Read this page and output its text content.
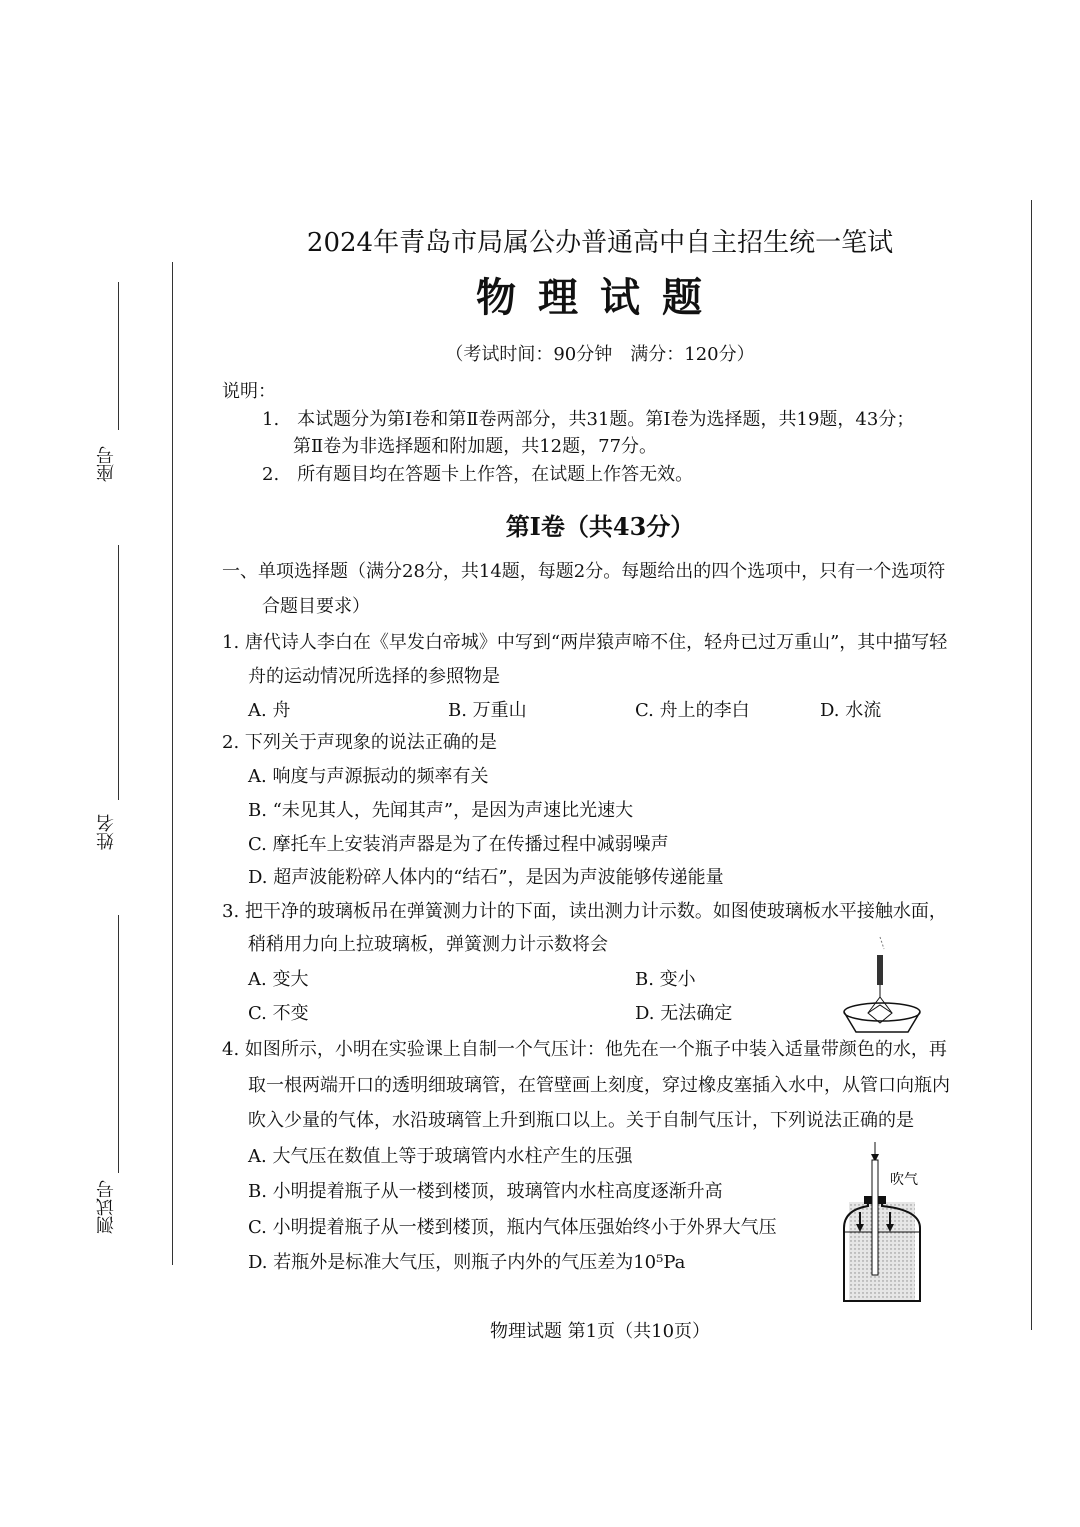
座号
姓名
测试号
2024年青岛市局属公办普通高中自主招生统一笔试
物理试题
（考试时间：90分钟　满分：120分）
说明：
1.　本试题分为第Ⅰ卷和第Ⅱ卷两部分，共31题。第Ⅰ卷为选择题，共19题，43分；
第Ⅱ卷为非选择题和附加题，共12题，77分。
2.　所有题目均在答题卡上作答，在试题上作答无效。
第Ⅰ卷（共43分）
一、单项选择题（满分28分，共14题，每题2分。每题给出的四个选项中，只有一个选项符
合题目要求）
1. 唐代诗人李白在《早发白帝城》中写到“两岸猿声啼不住，轻舟已过万重山”，其中描写轻
舟的运动情况所选择的参照物是
A. 舟	B. 万重山	C. 舟上的李白	D. 水流
2. 下列关于声现象的说法正确的是
A. 响度与声源振动的频率有关
B. “未见其人，先闻其声”，是因为声速比光速大
C. 摩托车上安装消声器是为了在传播过程中减弱噪声
D. 超声波能粉碎人体内的“结石”，是因为声波能够传递能量
3. 把干净的玻璃板吊在弹簧测力计的下面，读出测力计示数。如图使玻璃板水平接触水面，
稍稍用力向上拉玻璃板，弹簧测力计示数将会
A. 变大	B. 变小
C. 不变	D. 无法确定
4. 如图所示，小明在实验课上自制一个气压计：他先在一个瓶子中装入适量带颜色的水，再
取一根两端开口的透明细玻璃管，在管壁画上刻度，穿过橡皮塞插入水中，从管口向瓶内
吹入少量的气体，水沿玻璃管上升到瓶口以上。关于自制气压计，下列说法正确的是
A. 大气压在数值上等于玻璃管内水柱产生的压强
B. 小明提着瓶子从一楼到楼顶，玻璃管内水柱高度逐渐升高
C. 小明提着瓶子从一楼到楼顶，瓶内气体压强始终小于外界大气压
D. 若瓶外是标准大气压，则瓶子内外的气压差为10⁵Pa
吹气
物理试题 第1页（共10页）
